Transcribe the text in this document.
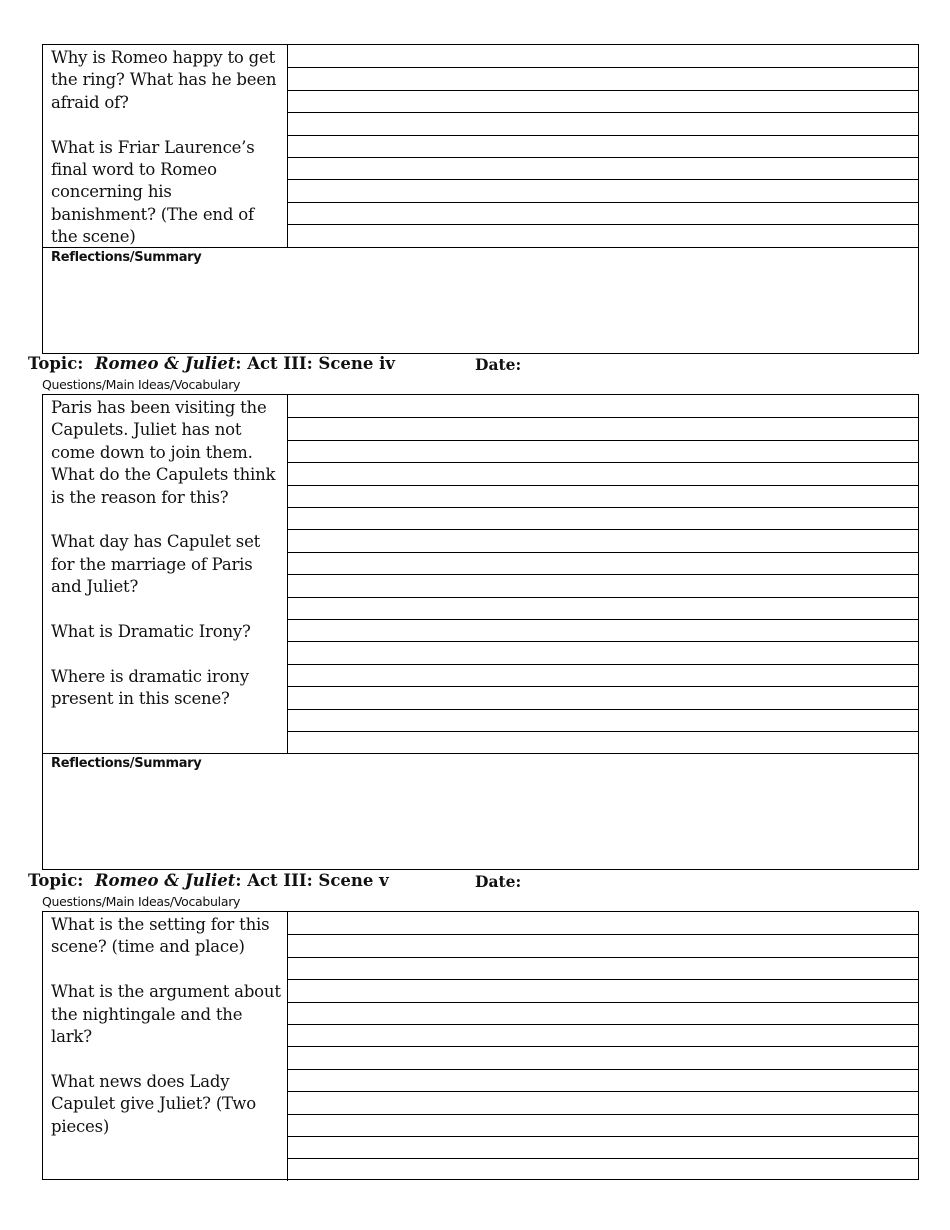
Why is Romeo happy to get the ring? What has he been afraid of?

What is Friar Laurence’s final word to Romeo concerning his banishment? (The end of the scene)

Reflections/Summary
Topic: Romeo & Juliet: Act III: Scene iv	Date:
Questions/Main Ideas/Vocabulary

Paris has been visiting the Capulets. Juliet has not come down to join them. What do the Capulets think is the reason for this?

What day has Capulet set for the marriage of Paris and Juliet?

What is Dramatic Irony?

Where is dramatic irony present in this scene?

Reflections/Summary
Topic: Romeo & Juliet: Act III: Scene v	Date:
Questions/Main Ideas/Vocabulary

What is the setting for this scene? (time and place)

What is the argument about the nightingale and the lark?

What news does Lady Capulet give Juliet? (Two pieces)
